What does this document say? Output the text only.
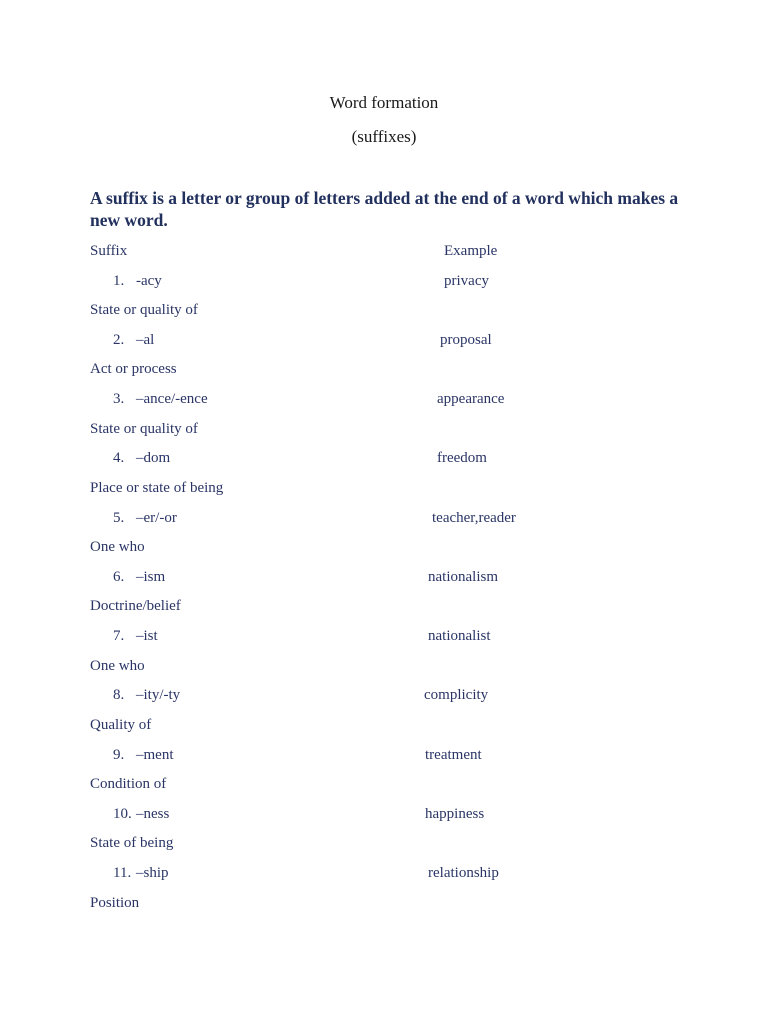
Word formation
(suffixes)
A suffix is a letter or group of letters added at the end of a word which makes a new word.
Suffix	Example
1. -acy	privacy
State or quality of
2. –al	proposal
Act or process
3. –ance/-ence	appearance
State or quality of
4. –dom	freedom
Place or state of being
5. –er/-or	teacher,reader
One who
6. –ism	nationalism
Doctrine/belief
7. –ist	nationalist
One who
8. –ity/-ty	complicity
Quality of
9. –ment	treatment
Condition of
10. –ness	happiness
State of being
11. –ship	relationship
Position
